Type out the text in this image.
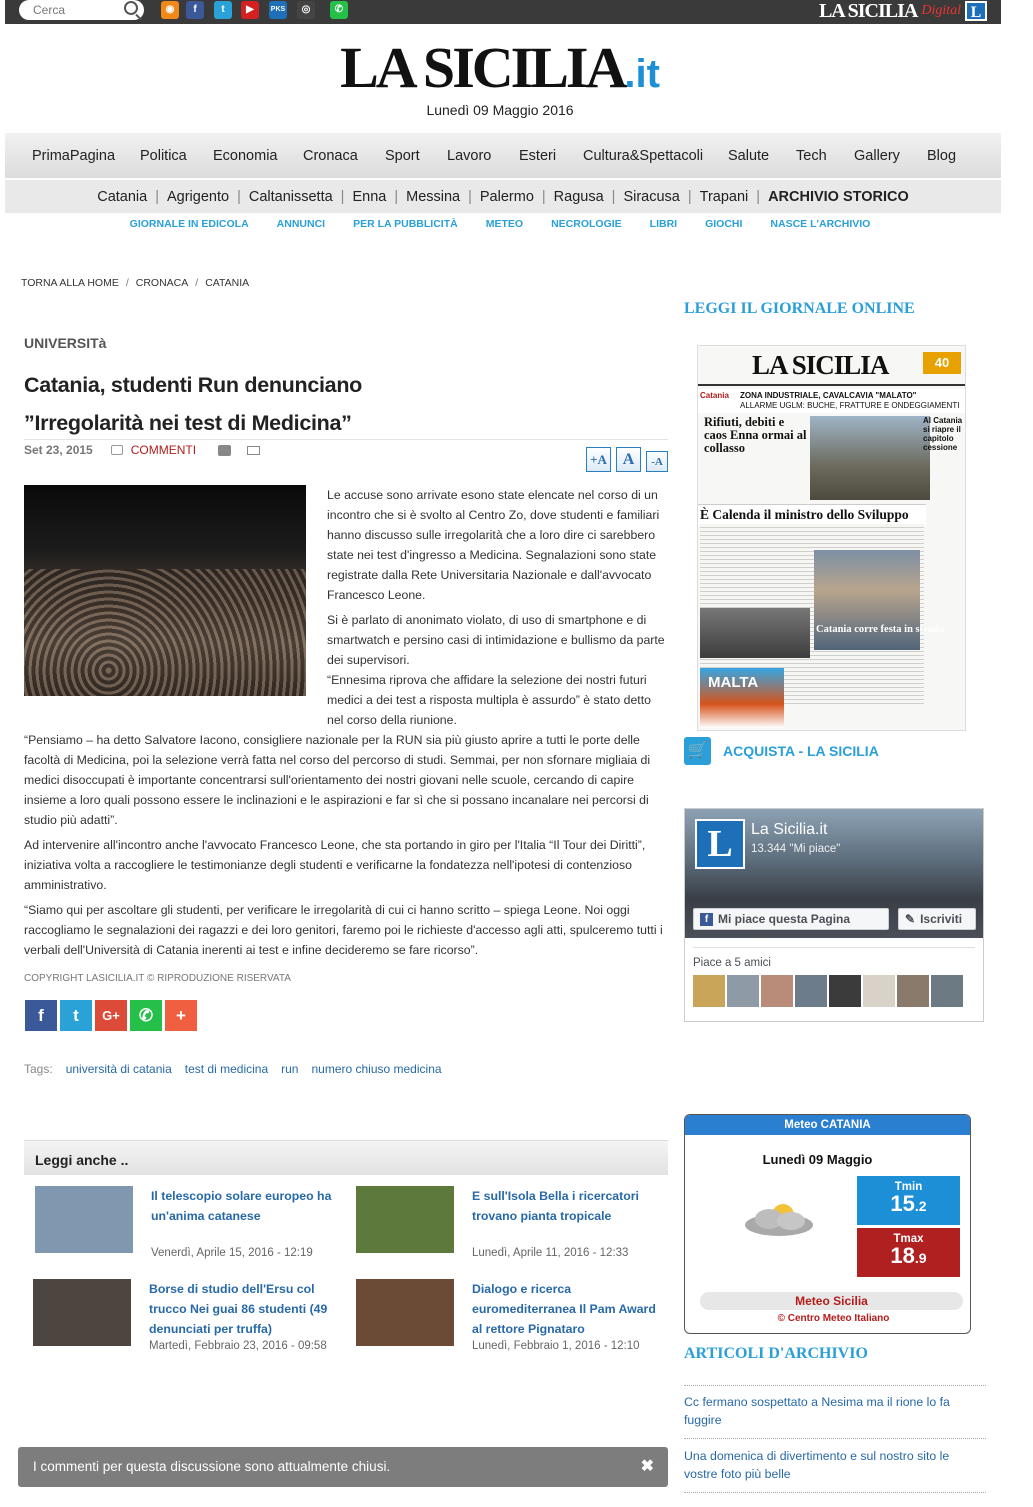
Cerca	◉	f	t	▶	PKS	◎	✆	LA SICILIA Digital L
LA SICILIA.it
Lunedì 09 Maggio 2016
PrimaPagina Politica Economia Cronaca Sport Lavoro Esteri Cultura&Spettacoli Salute Tech Gallery Blog
Catania | Agrigento | Caltanissetta | Enna | Messina | Palermo | Ragusa | Siracusa | Trapani | ARCHIVIO STORICO
GIORNALE IN EDICOLA	ANNUNCI	PER LA PUBBLICITÀ	METEO	NECROLOGIE	LIBRI	GIOCHI	NASCE L'ARCHIVIO
TORNA ALLA HOME / CRONACA / CATANIA
UNIVERSITà
Catania, studenti Run denunciano ”Irregolarità nei test di Medicina”
Set 23, 2015	COMMENTI
+A A	-A

Le accuse sono arrivate esono state elencate nel corso di un incontro che si è svolto al Centro Zo, dove studenti e familiari hanno discusso sulle irregolarità che a loro dire ci sarebbero state nei test d'ingresso a Medicina. Segnalazioni sono state registrate dalla Rete Universitaria Nazionale e dall'avvocato Francesco Leone.

Si è parlato di anonimato violato, di uso di smartphone e di smartwatch e persino casi di intimidazione e bullismo da parte dei supervisori.

“Ennesima riprova che affidare la selezione dei nostri futuri medici a dei test a risposta multipla è assurdo” è stato detto nel corso della riunione.

“Pensiamo – ha detto Salvatore Iacono, consigliere nazionale per la RUN sia più giusto aprire a tutti le porte delle facoltà di Medicina, poi la selezione verrà fatta nel corso del percorso di studi. Semmai, per non sfornare migliaia di medici disoccupati è importante concentrarsi sull'orientamento dei nostri giovani nelle scuole, cercando di capire insieme a loro quali possono essere le inclinazioni e le aspirazioni e far sì che si possano incanalare nei percorsi di studio più adatti”.

Ad intervenire all'incontro anche l'avvocato Francesco Leone, che sta portando in giro per l'Italia “Il Tour dei Diritti”, iniziativa volta a raccogliere le testimonianze degli studenti e verificarne la fondatezza nell'ipotesi di contenzioso amministrativo.

“Siamo qui per ascoltare gli studenti, per verificare le irregolarità di cui ci hanno scritto – spiega Leone. Noi oggi raccogliamo le segnalazioni dei ragazzi e dei loro genitori, faremo poi le richieste d'accesso agli atti, spulceremo tutti i verbali dell'Università di Catania inerenti ai test e infine decideremo se fare ricorso”.

COPYRIGHT LASICILIA.IT © RIPRODUZIONE RISERVATA
f	t	G+	✆	+
Tags: università di catania test di medicina run numero chiuso medicina
Leggi anche ..
Il telescopio solare europeo ha un'anima catanese
Venerdì, Aprile 15, 2016 - 12:19
E sull'Isola Bella i ricercatori trovano pianta tropicale
Lunedì, Aprile 11, 2016 - 12:33
Borse di studio dell'Ersu col trucco Nei guai 86 studenti (49 denunciati per truffa)
Martedì, Febbraio 23, 2016 - 09:58
Dialogo e ricerca euromediterranea Il Pam Award al rettore Pignataro
Lunedì, Febbraio 1, 2016 - 12:10
I commenti per questa discussione sono attualmente chiusi.	✖
LEGGI IL GIORNALE ONLINE
LA SICILIA	40
Catania ZONA INDUSTRIALE, CAVALCAVIA "MALATO"
ALLARME UGLM: BUCHE, FRATTURE E ONDEGGIAMENTI
Rifiuti, debiti e caos Enna ormai al collasso
Al Catania si riapre il capitolo cessione
È Calenda il ministro dello Sviluppo
Catania corre festa in strada
MALTA
🛒 ACQUISTA - LA SICILIA
L	La Sicilia.it
13.344 "Mi piace"
f Mi piace questa Pagina	✎ Iscriviti
Piace a 5 amici
Meteo CATANIA
Lunedì 09 Maggio
Tmin
15.2
Tmax
18.9
Meteo Sicilia
© Centro Meteo Italiano
ARTICOLI D'ARCHIVIO
Cc fermano sospettato a Nesima ma il rione lo fa fuggire
Una domenica di divertimento e sul nostro sito le vostre foto più belle
